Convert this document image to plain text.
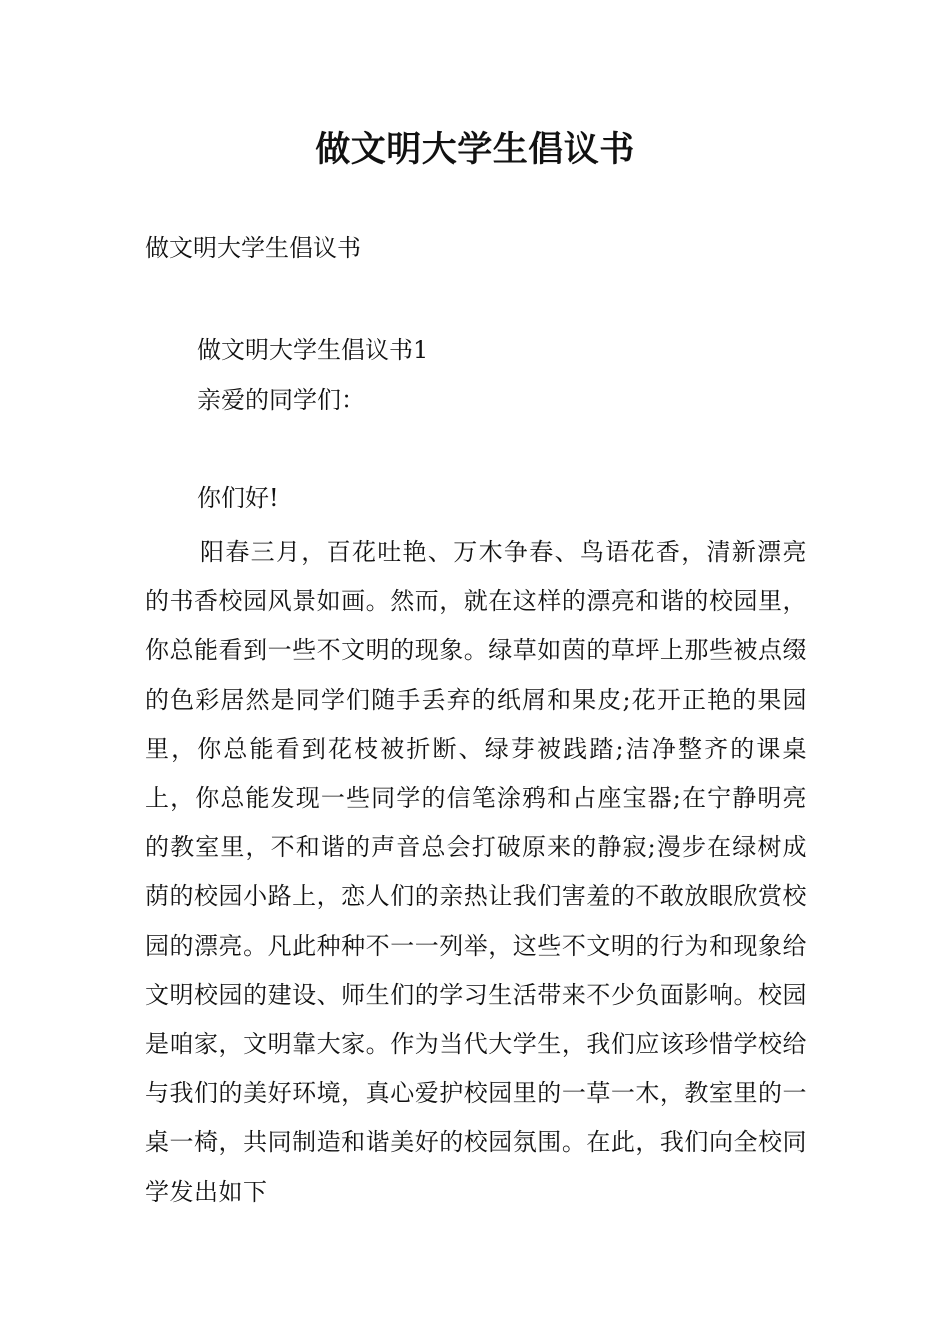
做文明大学生倡议书

做文明大学生倡议书

做文明大学生倡议书1

亲爱的同学们：

你们好!

阳春三月，百花吐艳、万木争春、鸟语花香，清新漂亮的书香校园风景如画。然而，就在这样的漂亮和谐的校园里，你总能看到一些不文明的现象。绿草如茵的草坪上那些被点缀的色彩居然是同学们随手丢弃的纸屑和果皮;花开正艳的果园里，你总能看到花枝被折断、绿芽被践踏;洁净整齐的课桌上，你总能发现一些同学的信笔涂鸦和占座宝器;在宁静明亮的教室里，不和谐的声音总会打破原来的静寂;漫步在绿树成荫的校园小路上，恋人们的亲热让我们害羞的不敢放眼欣赏校园的漂亮。凡此种种不一一列举，这些不文明的行为和现象给文明校园的建设、师生们的学习生活带来不少负面影响。校园是咱家，文明靠大家。作为当代大学生，我们应该珍惜学校给与我们的美好环境，真心爱护校园里的一草一木，教室里的一桌一椅，共同制造和谐美好的校园氛围。在此，我们向全校同学发出如下
